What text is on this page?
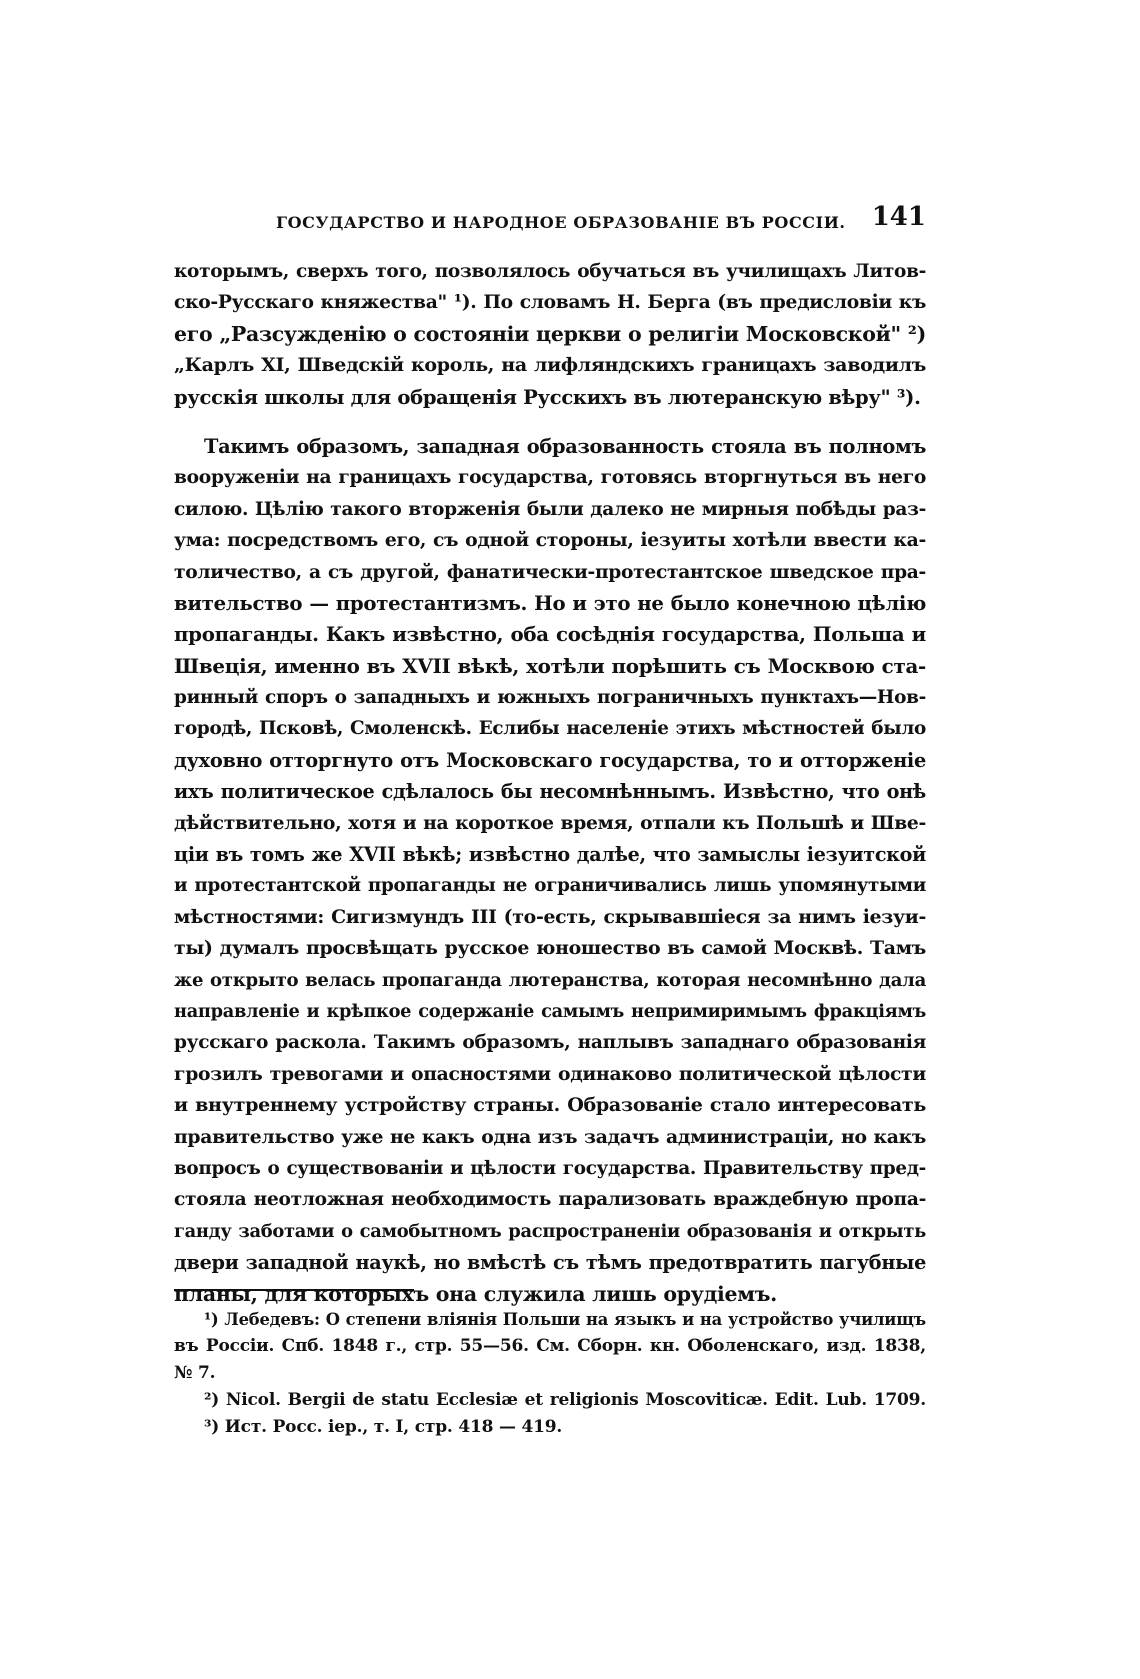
ГОСУДАРСТВО И НАРОДНОЕ ОБРАЗОВАНІЕ ВЪ РОССІИ. 141
которымъ, сверхъ того, позволялось обучаться въ училищахъ Литов-
ско-Русскаго княжества" ¹). По словамъ Н. Берга (въ предисловіи къ
его „Разсужденію о состояніи церкви о религіи Московской" ²)
„Карлъ XI, Шведскій король, на лифляндскихъ границахъ заводилъ
русскія школы для обращенія Русскихъ въ лютеранскую вѣру" ³).
Такимъ образомъ, западная образованность стояла въ полномъ
вооруженіи на границахъ государства, готовясь вторгнуться въ него
силою. Цѣлію такого вторженія были далеко не мирныя побѣды раз-
ума: посредствомъ его, съ одной стороны, іезуиты хотѣли ввести ка-
толичество, а съ другой, фанатически-протестантское шведское пра-
вительство — протестантизмъ. Но и это не было конечною цѣлію
пропаганды. Какъ извѣстно, оба сосѣднія государства, Польша и
Швеція, именно въ XVII вѣкѣ, хотѣли порѣшить съ Москвою ста-
ринный споръ о западныхъ и южныхъ пограничныхъ пунктахъ—Нов-
городѣ, Псковѣ, Смоленскѣ. Еслибы населеніе этихъ мѣстностей было
духовно отторгнуто отъ Московскаго государства, то и отторженіе
ихъ политическое сдѣлалось бы несомнѣннымъ. Извѣстно, что онѣ
дѣйствительно, хотя и на короткое время, отпали къ Польшѣ и Шве-
ціи въ томъ же XVII вѣкѣ; извѣстно далѣе, что замыслы іезуитской
и протестантской пропаганды не ограничивались лишь упомянутыми
мѣстностями: Сигизмундъ III (то-есть, скрывавшіеся за нимъ іезуи-
ты) думалъ просвѣщать русское юношество въ самой Москвѣ. Тамъ
же открыто велась пропаганда лютеранства, которая несомнѣнно дала
направленіе и крѣпкое содержаніе самымъ непримиримымъ фракціямъ
русскаго раскола. Такимъ образомъ, наплывъ западнаго образованія
грозилъ тревогами и опасностями одинаково политической цѣлости
и внутреннему устройству страны. Образованіе стало интересовать
правительство уже не какъ одна изъ задачъ администраціи, но какъ
вопросъ о существованіи и цѣлости государства. Правительству пред-
стояла неотложная необходимость парализовать враждебную пропа-
ганду заботами о самобытномъ распространеніи образованія и открыть
двери западной наукѣ, но вмѣстѣ съ тѣмъ предотвратить пагубные
планы, для которыхъ она служила лишь орудіемъ.
¹) Лебедевъ: О степени вліянія Польши на языкъ и на устройство училищъ
въ Россіи. Спб. 1848 г., стр. 55—56. См. Сборн. кн. Оболенскаго, изд. 1838,
№ 7.
²) Nicol. Bergii de statu Ecclesiæ et religionis Moscoviticæ. Edit. Lub. 1709.
³) Ист. Росс. іер., т. I, стр. 418 — 419.
